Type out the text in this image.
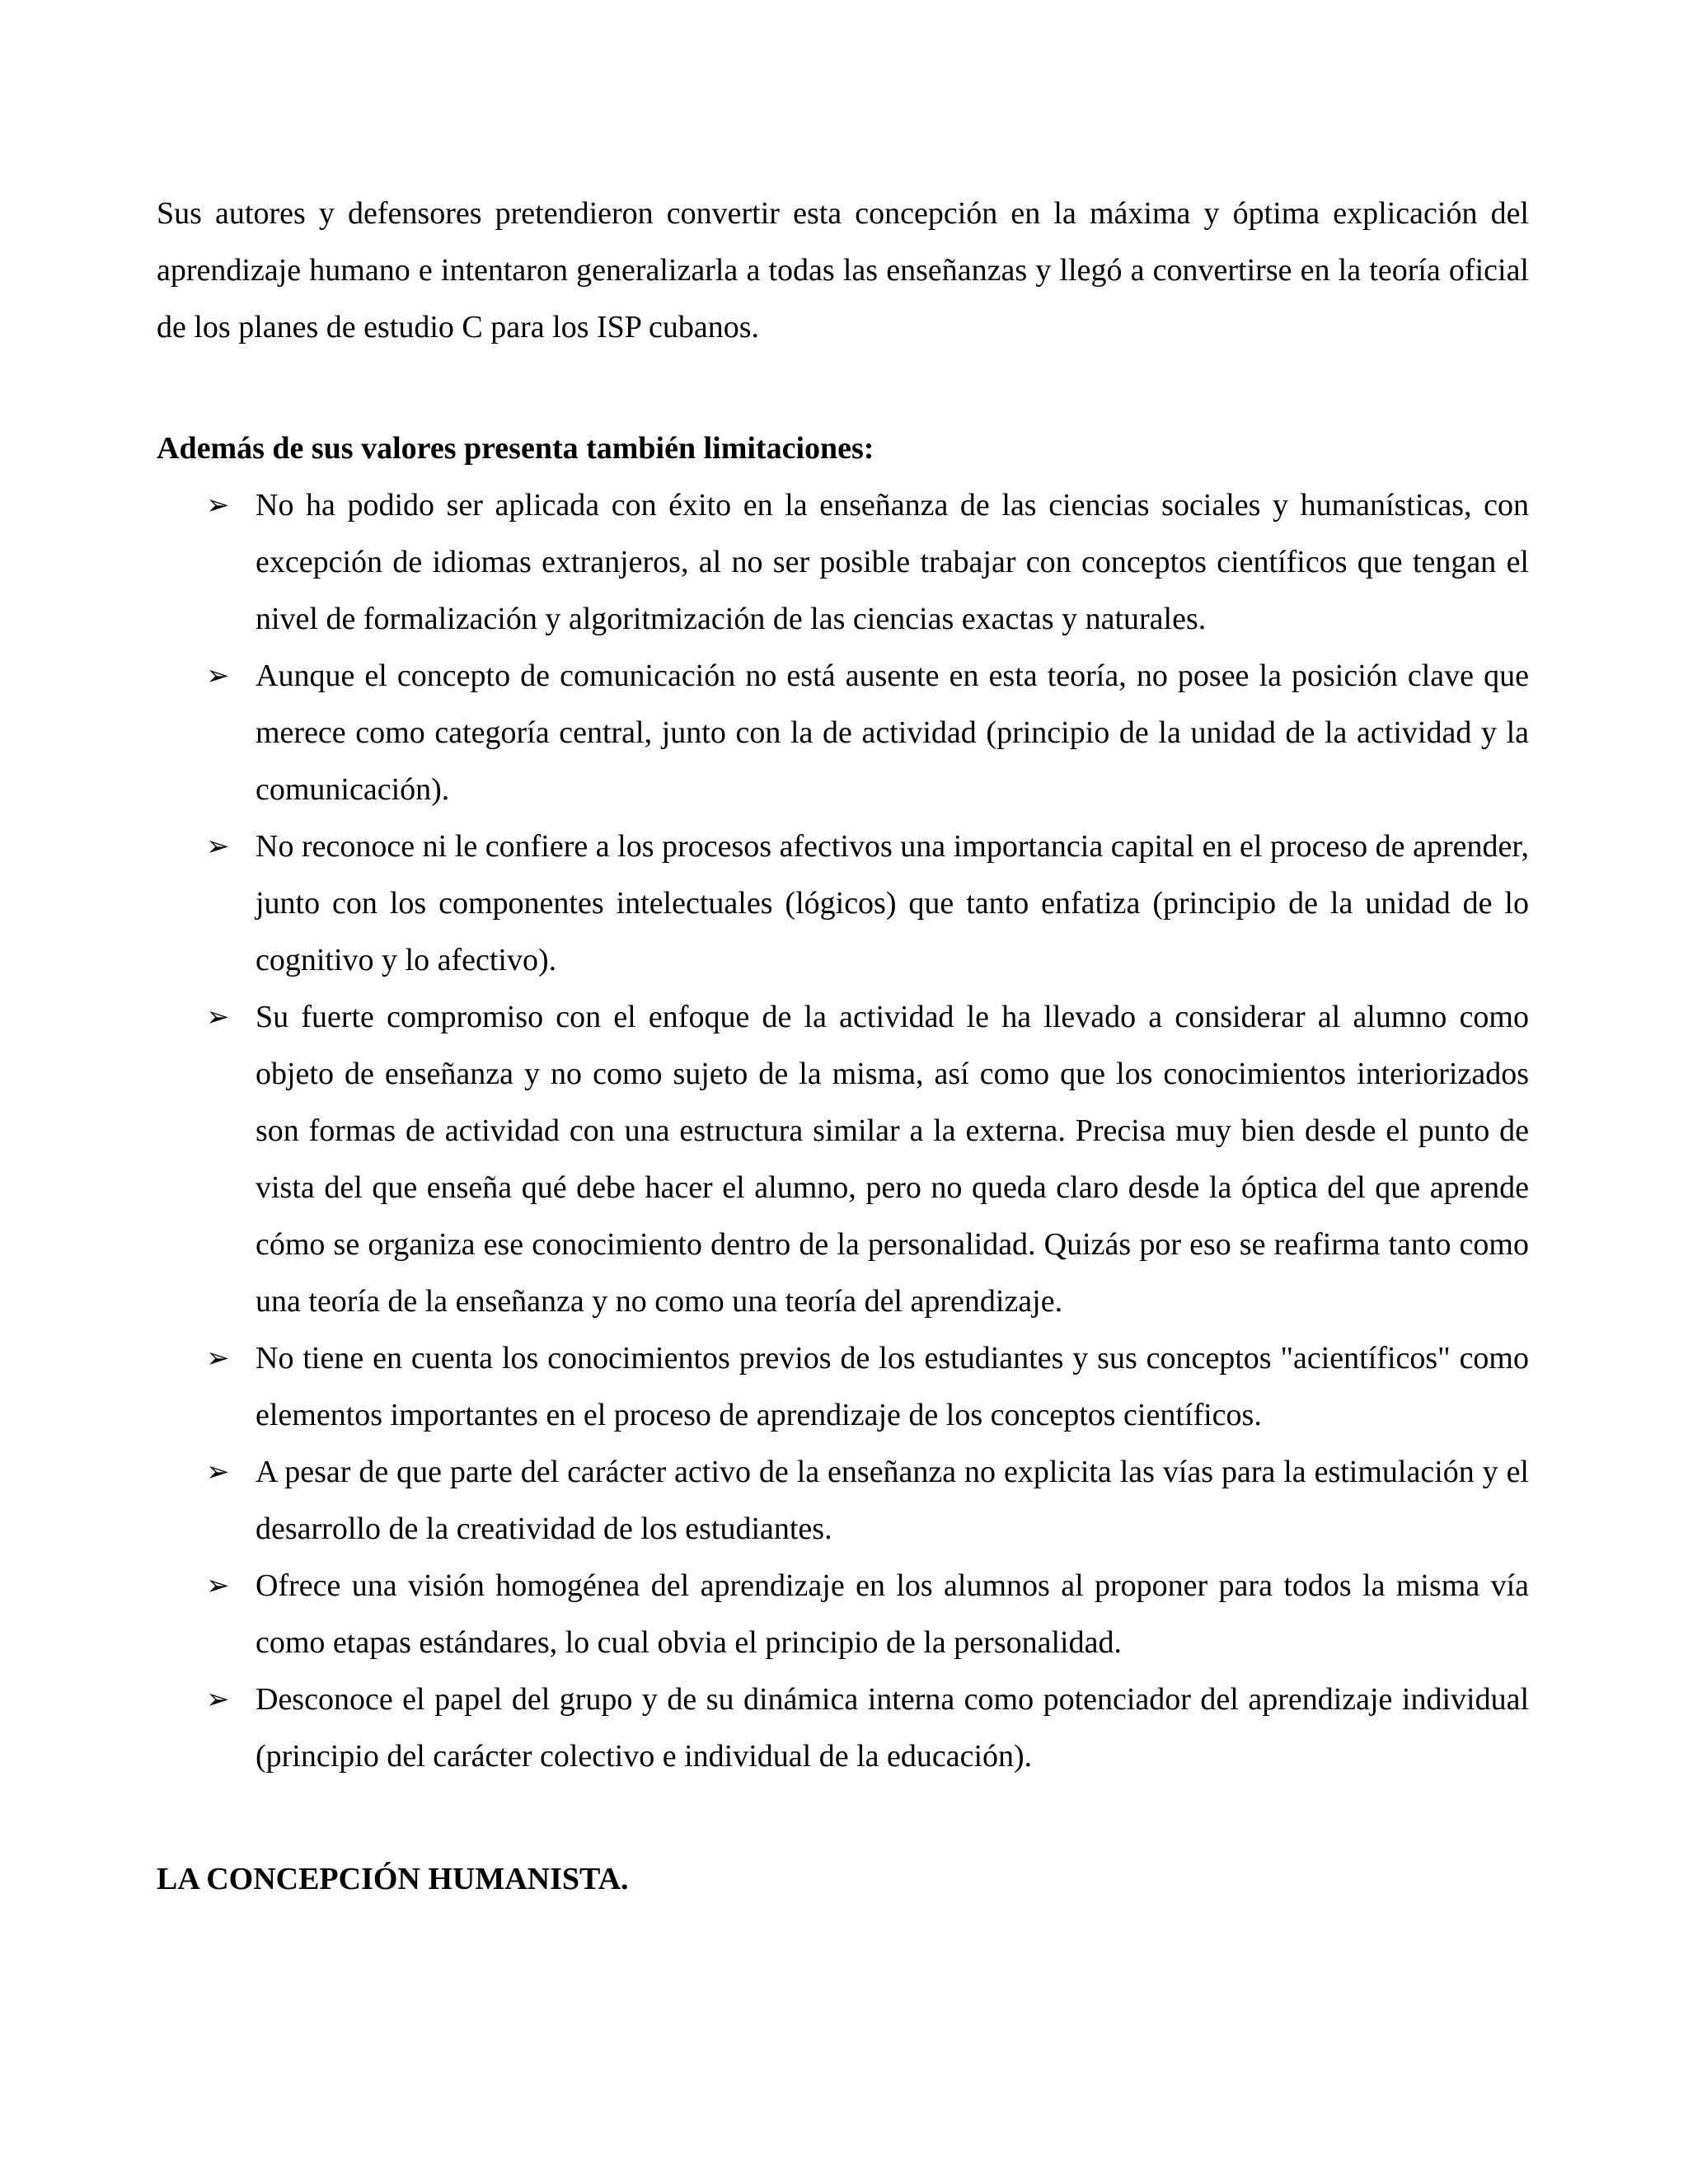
Sus autores y defensores pretendieron convertir esta concepción en la máxima y óptima explicación del aprendizaje humano e intentaron generalizarla a todas las enseñanzas y llegó a convertirse en la teoría oficial de los planes de estudio C para los ISP cubanos.

Además de sus valores presenta también limitaciones:

➢ No ha podido ser aplicada con éxito en la enseñanza de las ciencias sociales y humanísticas, con excepción de idiomas extranjeros, al no ser posible trabajar con conceptos científicos que tengan el nivel de formalización y algoritmización de las ciencias exactas y naturales.
➢ Aunque el concepto de comunicación no está ausente en esta teoría, no posee la posición clave que merece como categoría central, junto con la de actividad (principio de la unidad de la actividad y la comunicación).
➢ No reconoce ni le confiere a los procesos afectivos una importancia capital en el proceso de aprender, junto con los componentes intelectuales (lógicos) que tanto enfatiza (principio de la unidad de lo cognitivo y lo afectivo).
➢ Su fuerte compromiso con el enfoque de la actividad le ha llevado a considerar al alumno como objeto de enseñanza y no como sujeto de la misma, así como que los conocimientos interiorizados son formas de actividad con una estructura similar a la externa. Precisa muy bien desde el punto de vista del que enseña qué debe hacer el alumno, pero no queda claro desde la óptica del que aprende cómo se organiza ese conocimiento dentro de la personalidad. Quizás por eso se reafirma tanto como una teoría de la enseñanza y no como una teoría del aprendizaje.
➢ No tiene en cuenta los conocimientos previos de los estudiantes y sus conceptos "acientíficos" como elementos importantes en el proceso de aprendizaje de los conceptos científicos.
➢ A pesar de que parte del carácter activo de la enseñanza no explicita las vías para la estimulación y el desarrollo de la creatividad de los estudiantes.
➢ Ofrece una visión homogénea del aprendizaje en los alumnos al proponer para todos la misma vía como etapas estándares, lo cual obvia el principio de la personalidad.
➢ Desconoce el papel del grupo y de su dinámica interna como potenciador del aprendizaje individual (principio del carácter colectivo e individual de la educación).

LA CONCEPCIÓN HUMANISTA.
